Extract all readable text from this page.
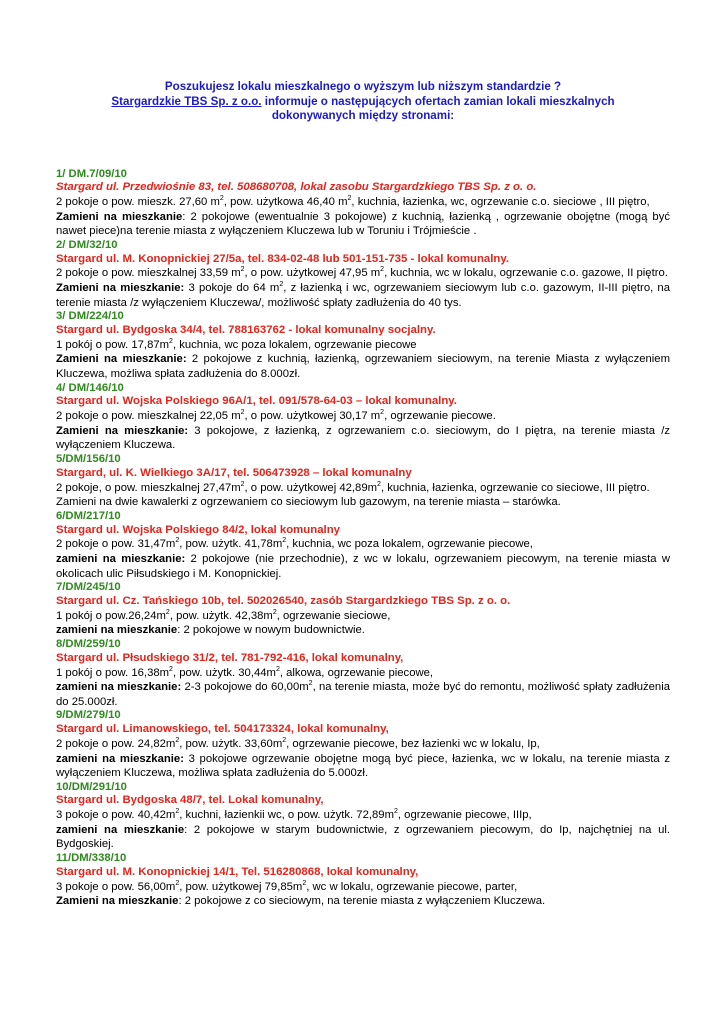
Poszukujesz lokalu mieszkalnego o wyższym lub niższym standardzie ?
Stargardzkie TBS Sp. z o.o. informuje o następujących ofertach zamian lokali mieszkalnych
dokonywanych między stronami:
1/ DM.7/09/10
Stargard ul. Przedwiośnie 83, tel. 508680708, lokal zasobu Stargardzkiego TBS Sp. z o. o.
2 pokoje o pow. mieszk. 27,60 $m^2$, pow. użytkowa 46,40 $m^2$, kuchnia, łazienka, wc, ogrzewanie c.o. sieciowe , III piętro,
Zamieni na mieszkanie: 2 pokojowe (ewentualnie 3 pokojowe) z kuchnią, łazienką , ogrzewanie obojętne (mogą być nawet piece)na terenie miasta z wyłączeniem Kluczewa lub w Toruniu i Trójmieście .
2/ DM/32/10
Stargard ul. M. Konopnickiej 27/5a, tel. 834-02-48 lub 501-151-735 - lokal komunalny.
2 pokoje o pow. mieszkalnej 33,59 $m^2$, o pow. użytkowej 47,95 $m^2$, kuchnia, wc w lokalu, ogrzewanie c.o. gazowe, II piętro.
Zamieni na mieszkanie: 3 pokoje do 64 $m^2$, z łazienką i wc, ogrzewaniem sieciowym lub c.o. gazowym, II-III piętro, na terenie miasta /z wyłączeniem Kluczewa/, możliwość spłaty zadłużenia do 40 tys.
3/ DM/224/10
Stargard ul. Bydgoska 34/4, tel. 788163762 - lokal komunalny socjalny.
1 pokój o pow. $17,87m^2$, kuchnia, wc poza lokalem, ogrzewanie piecowe
Zamieni na mieszkanie: 2 pokojowe z kuchnią, łazienką, ogrzewaniem sieciowym, na terenie Miasta z wyłączeniem Kluczewa, możliwa spłata zadłużenia do 8.000zł.
4/ DM/146/10
Stargard ul. Wojska Polskiego 96A/1, tel. 091/578-64-03 – lokal komunalny.
2 pokoje o pow. mieszkalnej 22,05 $m^2$, o pow. użytkowej 30,17 $m^2$, ogrzewanie piecowe.
Zamieni na mieszkanie: 3 pokojowe, z łazienką, z ogrzewaniem c.o. sieciowym, do I piętra, na terenie miasta /z wyłączeniem Kluczewa.
5/DM/156/10
Stargard, ul. K. Wielkiego 3A/17, tel. 506473928 – lokal komunalny
2 pokoje, o pow. mieszkalnej $27,47m^2$, o pow. użytkowej $42,89m^2$, kuchnia, łazienka, ogrzewanie co sieciowe, III piętro.
Zamieni na dwie kawalerki z ogrzewaniem co sieciowym lub gazowym, na terenie miasta – starówka.
6/DM/217/10
Stargard ul. Wojska Polskiego 84/2, lokal komunalny
2 pokoje o pow. $31,47m^2$, pow. użytk. $41,78m^2$, kuchnia, wc poza lokalem, ogrzewanie piecowe,
zamieni na mieszkanie: 2 pokojowe (nie przechodnie), z wc w lokalu, ogrzewaniem piecowym, na terenie miasta w okolicach ulic Piłsudskiego i M. Konopnickiej.
7/DM/245/10
Stargard ul. Cz. Tańskiego 10b, tel. 502026540, zasób Stargardzkiego TBS Sp. z o. o.
1 pokój o $pow.26,24m^2$, pow. użytk. $42,38m^2$, ogrzewanie sieciowe,
zamieni na mieszkanie: 2 pokojowe w nowym budownictwie.
8/DM/259/10
Stargard ul. Płsudskiego 31/2, tel. 781-792-416, lokal komunalny,
1 pokój o pow. $16,38m^2$, pow. użytk. $30,44m^2$, alkowa, ogrzewanie piecowe,
zamieni na mieszkanie: 2-3 pokojowe do $60,00m^2$, na terenie miasta, może być do remontu, możliwość spłaty zadłużenia do 25.000zł.
9/DM/279/10
Stargard ul. Limanowskiego, tel. 504173324, lokal komunalny,
2 pokoje o pow. $24,82m^2$, pow. użytk. $33,60m^2$, ogrzewanie piecowe, bez łazienki wc w lokalu, Ip,
zamieni na mieszkanie: 3 pokojowe ogrzewanie obojętne mogą być piece, łazienka, wc w lokalu, na terenie miasta z wyłączeniem Kluczewa, możliwa spłata zadłużenia do 5.000zł.
10/DM/291/10
Stargard ul. Bydgoska 48/7, tel. Lokal komunalny,
3 pokoje o pow. $40,42m^2$, kuchni, łazienkii wc, o pow. użytk. $72,89m^2$, ogrzewanie piecowe, IIIp,
zamieni na mieszkanie: 2 pokojowe w starym budownictwie, z ogrzewaniem piecowym, do Ip, najchętniej na ul. Bydgoskiej.
11/DM/338/10
Stargard ul. M. Konopnickiej 14/1, Tel. 516280868, lokal komunalny,
3 pokoje o pow. $56,00m^2$, pow. użytkowej $79,85m^2$, wc w lokalu, ogrzewanie piecowe, parter,
Zamieni na mieszkanie: 2 pokojowe z co sieciowym, na terenie miasta z wyłączeniem Kluczewa.
